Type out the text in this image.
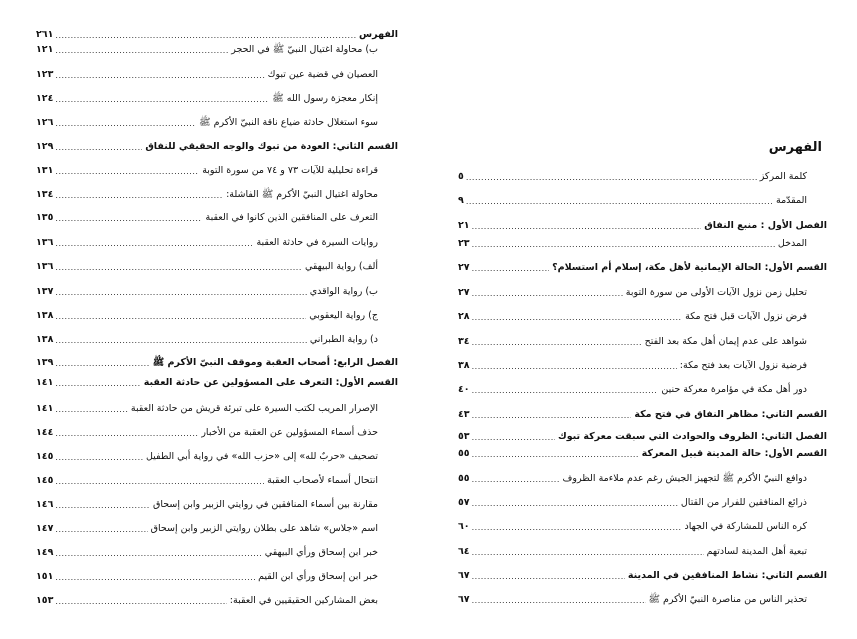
٢٦١ .....	الفهرس
١٢١ .....	ب) محاولة اغتيال النبيّ ﷺ في الحجر
١٢٣ .....	العصيان في قضية عين تبوك
١٢٤ .....	إنكار معجزة رسول الله ﷺ
١٢٦ .....	سوء استغلال حادثة ضياع ناقة النبيّ الأكرم ﷺ
١٢٩ .....	القسم الثاني: العودة من تبوك والوجه الحقيقي للنفاق
١٣١ .....	قراءة تحليلية للآيات ٧٣ و ٧٤ من سورة التوبة
١٣٤ .....	محاولة اغتيال النبيّ الأكرم ﷺ الفاشلة:
١٣٥ .....	التعرف على المنافقين الذين كانوا في العقبة
١٣٦ .....	روايات السيرة في حادثة العقبة
١٣٦ .....	ألف) رواية البيهقي
١٣٧ .....	ب) رواية الواقدي
١٣٨ .....	ج) رواية اليعقوبي
١٣٨ .....	د) رواية الطبراني
١٣٩ .....	الفصل الرابع: أصحاب العقبة وموقف النبيّ الأكرم ﷺ
١٤١ .....	القسم الأول: التعرف على المسؤولين عن حادثة العقبة
١٤١ .....	الإصرار المريب لكتب السيرة على تبرئة قريش من حادثة العقبة
١٤٤ .....	حذف أسماء المسؤولين عن العقبة من الأخبار
١٤٥ .....	تصحيف «حربٌ لله» إلى «حزب الله» في رواية أبي الطفيل
١٤٥ .....	انتحال أسماء لأصحاب العقبة
١٤٦ .....	مقارنة بين أسماء المنافقين في روايتي الزبير وابن إسحاق
١٤٧ .....	اسم «جلاس» شاهد على بطلان روايتي الزبير وابن إسحاق
١٤٩ .....	خبر ابن إسحاق ورأي البيهقي
١٥١ .....	خبر ابن إسحاق ورأي ابن القيم
١٥٣ .....	بعض المشاركين الحقيقيين في العقبة:
الفهرس
٥ .....	كلمة المركز
٩ .....	المقدّمة
٢١ .....	الفصل الأول : منبع النفاق
٢٣ .....	المدخل
٢٧ .....	القسم الأول: الحالة الإيمانية لأهل مكة، إسلام أم استسلام؟
٢٧ .....	تحليل زمن نزول الآيات الأولى من سورة التوبة
٢٨ .....	فرض نزول الآيات قبل فتح مكة
٣٤ .....	شواهد على عدم إيمان أهل مكة بعد الفتح
٣٨ .....	فرضية نزول الآيات بعد فتح مكة:
٤٠ .....	دور أهل مكة في مؤامرة معركة حنين
٤٣ .....	القسم الثاني: مظاهر النفاق في فتح مكة
٥٣ .....	الفصل الثاني: الظروف والحوادث التي سبقت معركة تبوك
٥٥ .....	القسم الأول: حالة المدينة قبيل المعركة
٥٥ .....	دوافع النبيّ الأكرم ﷺ لتجهيز الجيش رغم عدم ملاءمة الظروف
٥٧ .....	ذرائع المنافقين للفرار من القتال
٦٠ .....	كره الناس للمشاركة في الجهاد
٦٤ .....	تبعية أهل المدينة لسادتهم
٦٧ .....	القسم الثاني: نشاط المنافقين في المدينة
٦٧ .....	تحذير الناس من مناصرة النبيّ الأكرم ﷺ
